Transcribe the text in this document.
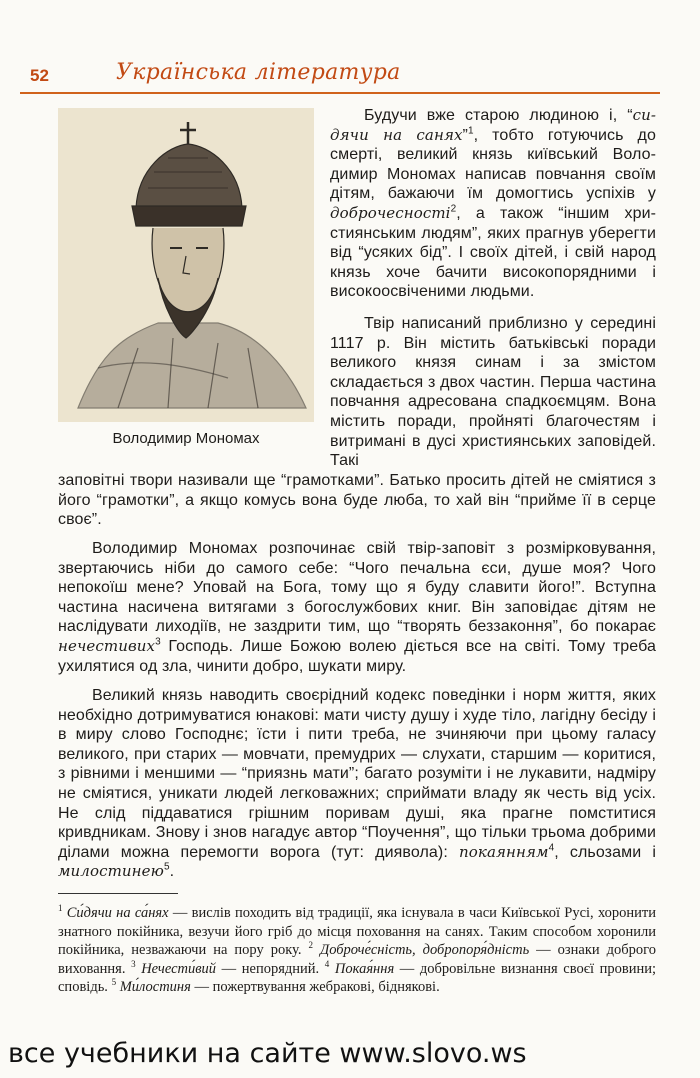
52	Українська література
Володимир Мономах

Будучи вже старою людиною і, “сидячи на санях”$^1$, тобто готуючись до смерті, великий князь київський Володимир Мономах написав повчання своїм дітям, бажаючи їм домогтись успіхів у доброчесності$^2$, а також “іншим християнським людям”, яких прагнув уберегти від “усяких бід”. І своїх дітей, і свій народ князь хоче бачити високопорядними і високоосвіченими людьми.

Твір написаний приблизно у середині 1117 р. Він містить батьківські поради великого князя синам і за змістом складається з двох частин. Перша частина повчання адресована спадкоємцям. Вона містить поради, пройняті благочестям і витримані в дусі християнських заповідей. Такі

заповітні твори називали ще “грамотками”. Батько просить дітей не сміятися з його “грамотки”, а якщо комусь вона буде люба, то хай він “прийме її в серце своє”.

Володимир Мономах розпочинає свій твір-заповіт з розмірковування, звертаючись ніби до самого себе: “Чого печальна єси, душе моя? Чого непокоїш мене? Уповай на Бога, тому що я буду славити його!”. Вступна частина насичена витягами з богослужбових книг. Він заповідає дітям не наслідувати лиходіїв, не заздрити тим, що “творять беззаконня”, бо покарає нечестивих$^3$ Господь. Лише Божою волею діється все на світі. Тому треба ухилятися од зла, чинити добро, шукати миру.

Великий князь наводить своєрідний кодекс поведінки і норм життя, яких необхідно дотримуватися юнакові: мати чисту душу і худе тіло, лагідну бесіду і в миру слово Господнє; їсти і пити треба, не зчиняючи при цьому галасу великого, при старих — мовчати, премудрих — слухати, старшим — коритися, з рівними і меншими — “приязнь мати”; багато розуміти і не лукавити, надміру не сміятися, уникати людей легковажних; сприймати владу як честь від усіх. Не слід піддаватися грішним поривам душі, яка прагне помститися кривдникам. Знову і знов нагадує автор “Поучення”, що тільки трьома добрими ділами можна перемогти ворога (тут: диявола): покаянням$^4$, сльозами і милостинею$^5$.

$^1$ Си́дячи на са́нях — вислів походить від традиції, яка існувала в часи Київської Русі, хоронити знатного покійника, везучи його гріб до місця поховання на санях. Таким способом хоронили покійника, незважаючи на пору року. $^2$ Доброче́сність, добропоря́дність — ознаки доброго виховання. $^3$ Нечести́вий — непорядний. $^4$ Покая́ння — добровільне визнання своєї провини; сповідь. $^5$ Ми́лостиня — пожертвування жебракові, біднякові.

все учебники на сайте www.slovo.ws
